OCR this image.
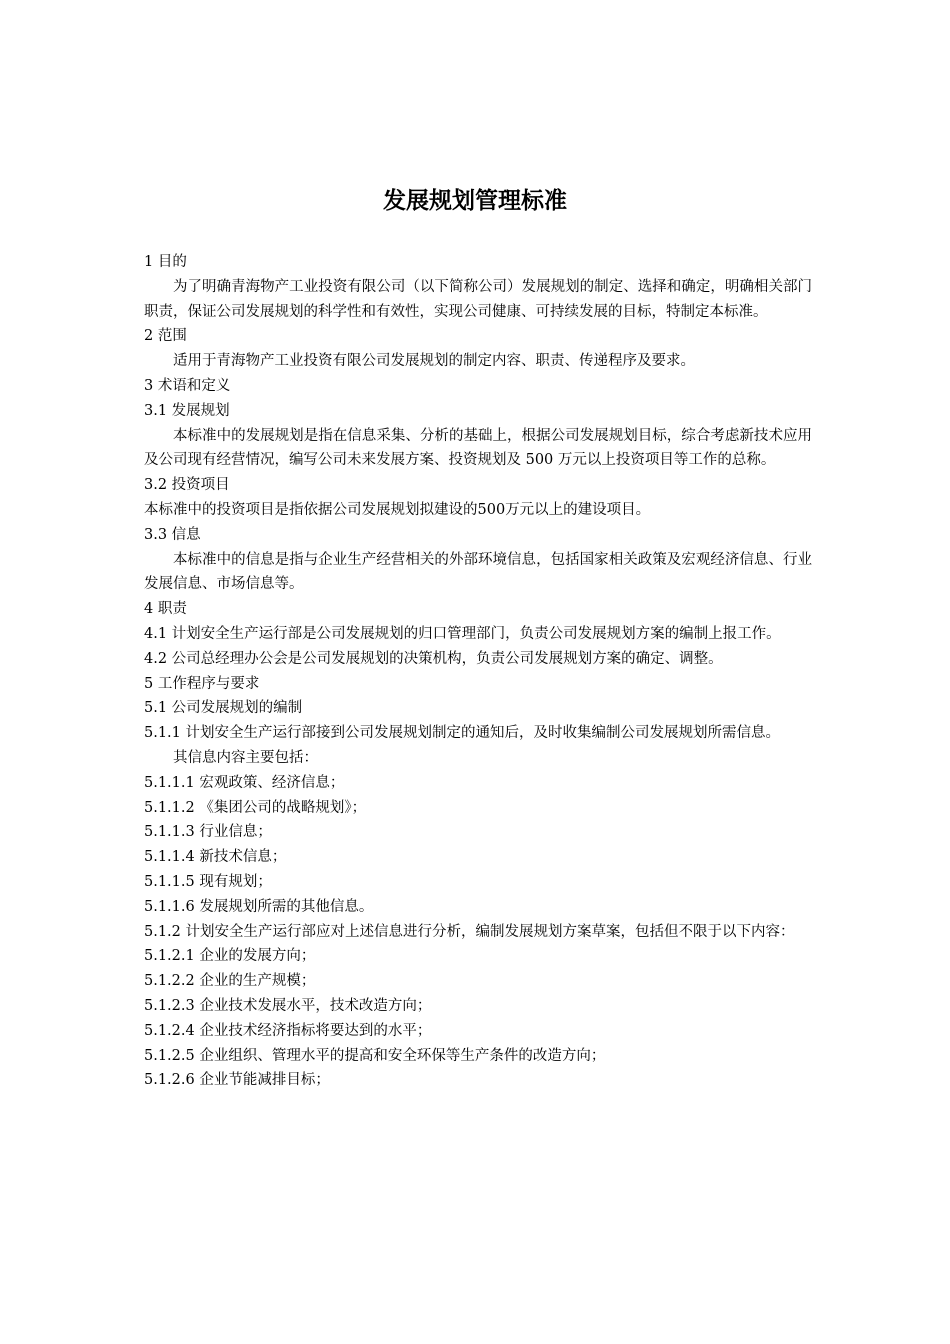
发展规划管理标准

1 目的

为了明确青海物产工业投资有限公司（以下简称公司）发展规划的制定、选择和确定，明确相关部门职责，保证公司发展规划的科学性和有效性，实现公司健康、可持续发展的目标，特制定本标准。

2 范围

适用于青海物产工业投资有限公司发展规划的制定内容、职责、传递程序及要求。

3 术语和定义

3.1 发展规划

本标准中的发展规划是指在信息采集、分析的基础上，根据公司发展规划目标，综合考虑新技术应用及公司现有经营情况，编写公司未来发展方案、投资规划及 500 万元以上投资项目等工作的总称。

3.2 投资项目

本标准中的投资项目是指依据公司发展规划拟建设的500万元以上的建设项目。

3.3 信息

本标准中的信息是指与企业生产经营相关的外部环境信息，包括国家相关政策及宏观经济信息、行业发展信息、市场信息等。

4 职责

4.1 计划安全生产运行部是公司发展规划的归口管理部门，负责公司发展规划方案的编制上报工作。

4.2 公司总经理办公会是公司发展规划的决策机构，负责公司发展规划方案的确定、调整。

5 工作程序与要求

5.1 公司发展规划的编制

5.1.1 计划安全生产运行部接到公司发展规划制定的通知后，及时收集编制公司发展规划所需信息。

其信息内容主要包括：

5.1.1.1 宏观政策、经济信息；

5.1.1.2 《集团公司的战略规划》；

5.1.1.3 行业信息；

5.1.1.4 新技术信息；

5.1.1.5 现有规划；

5.1.1.6 发展规划所需的其他信息。

5.1.2 计划安全生产运行部应对上述信息进行分析，编制发展规划方案草案，包括但不限于以下内容：

5.1.2.1 企业的发展方向；

5.1.2.2 企业的生产规模；

5.1.2.3 企业技术发展水平，技术改造方向；

5.1.2.4 企业技术经济指标将要达到的水平；

5.1.2.5 企业组织、管理水平的提高和安全环保等生产条件的改造方向；

5.1.2.6 企业节能减排目标；
